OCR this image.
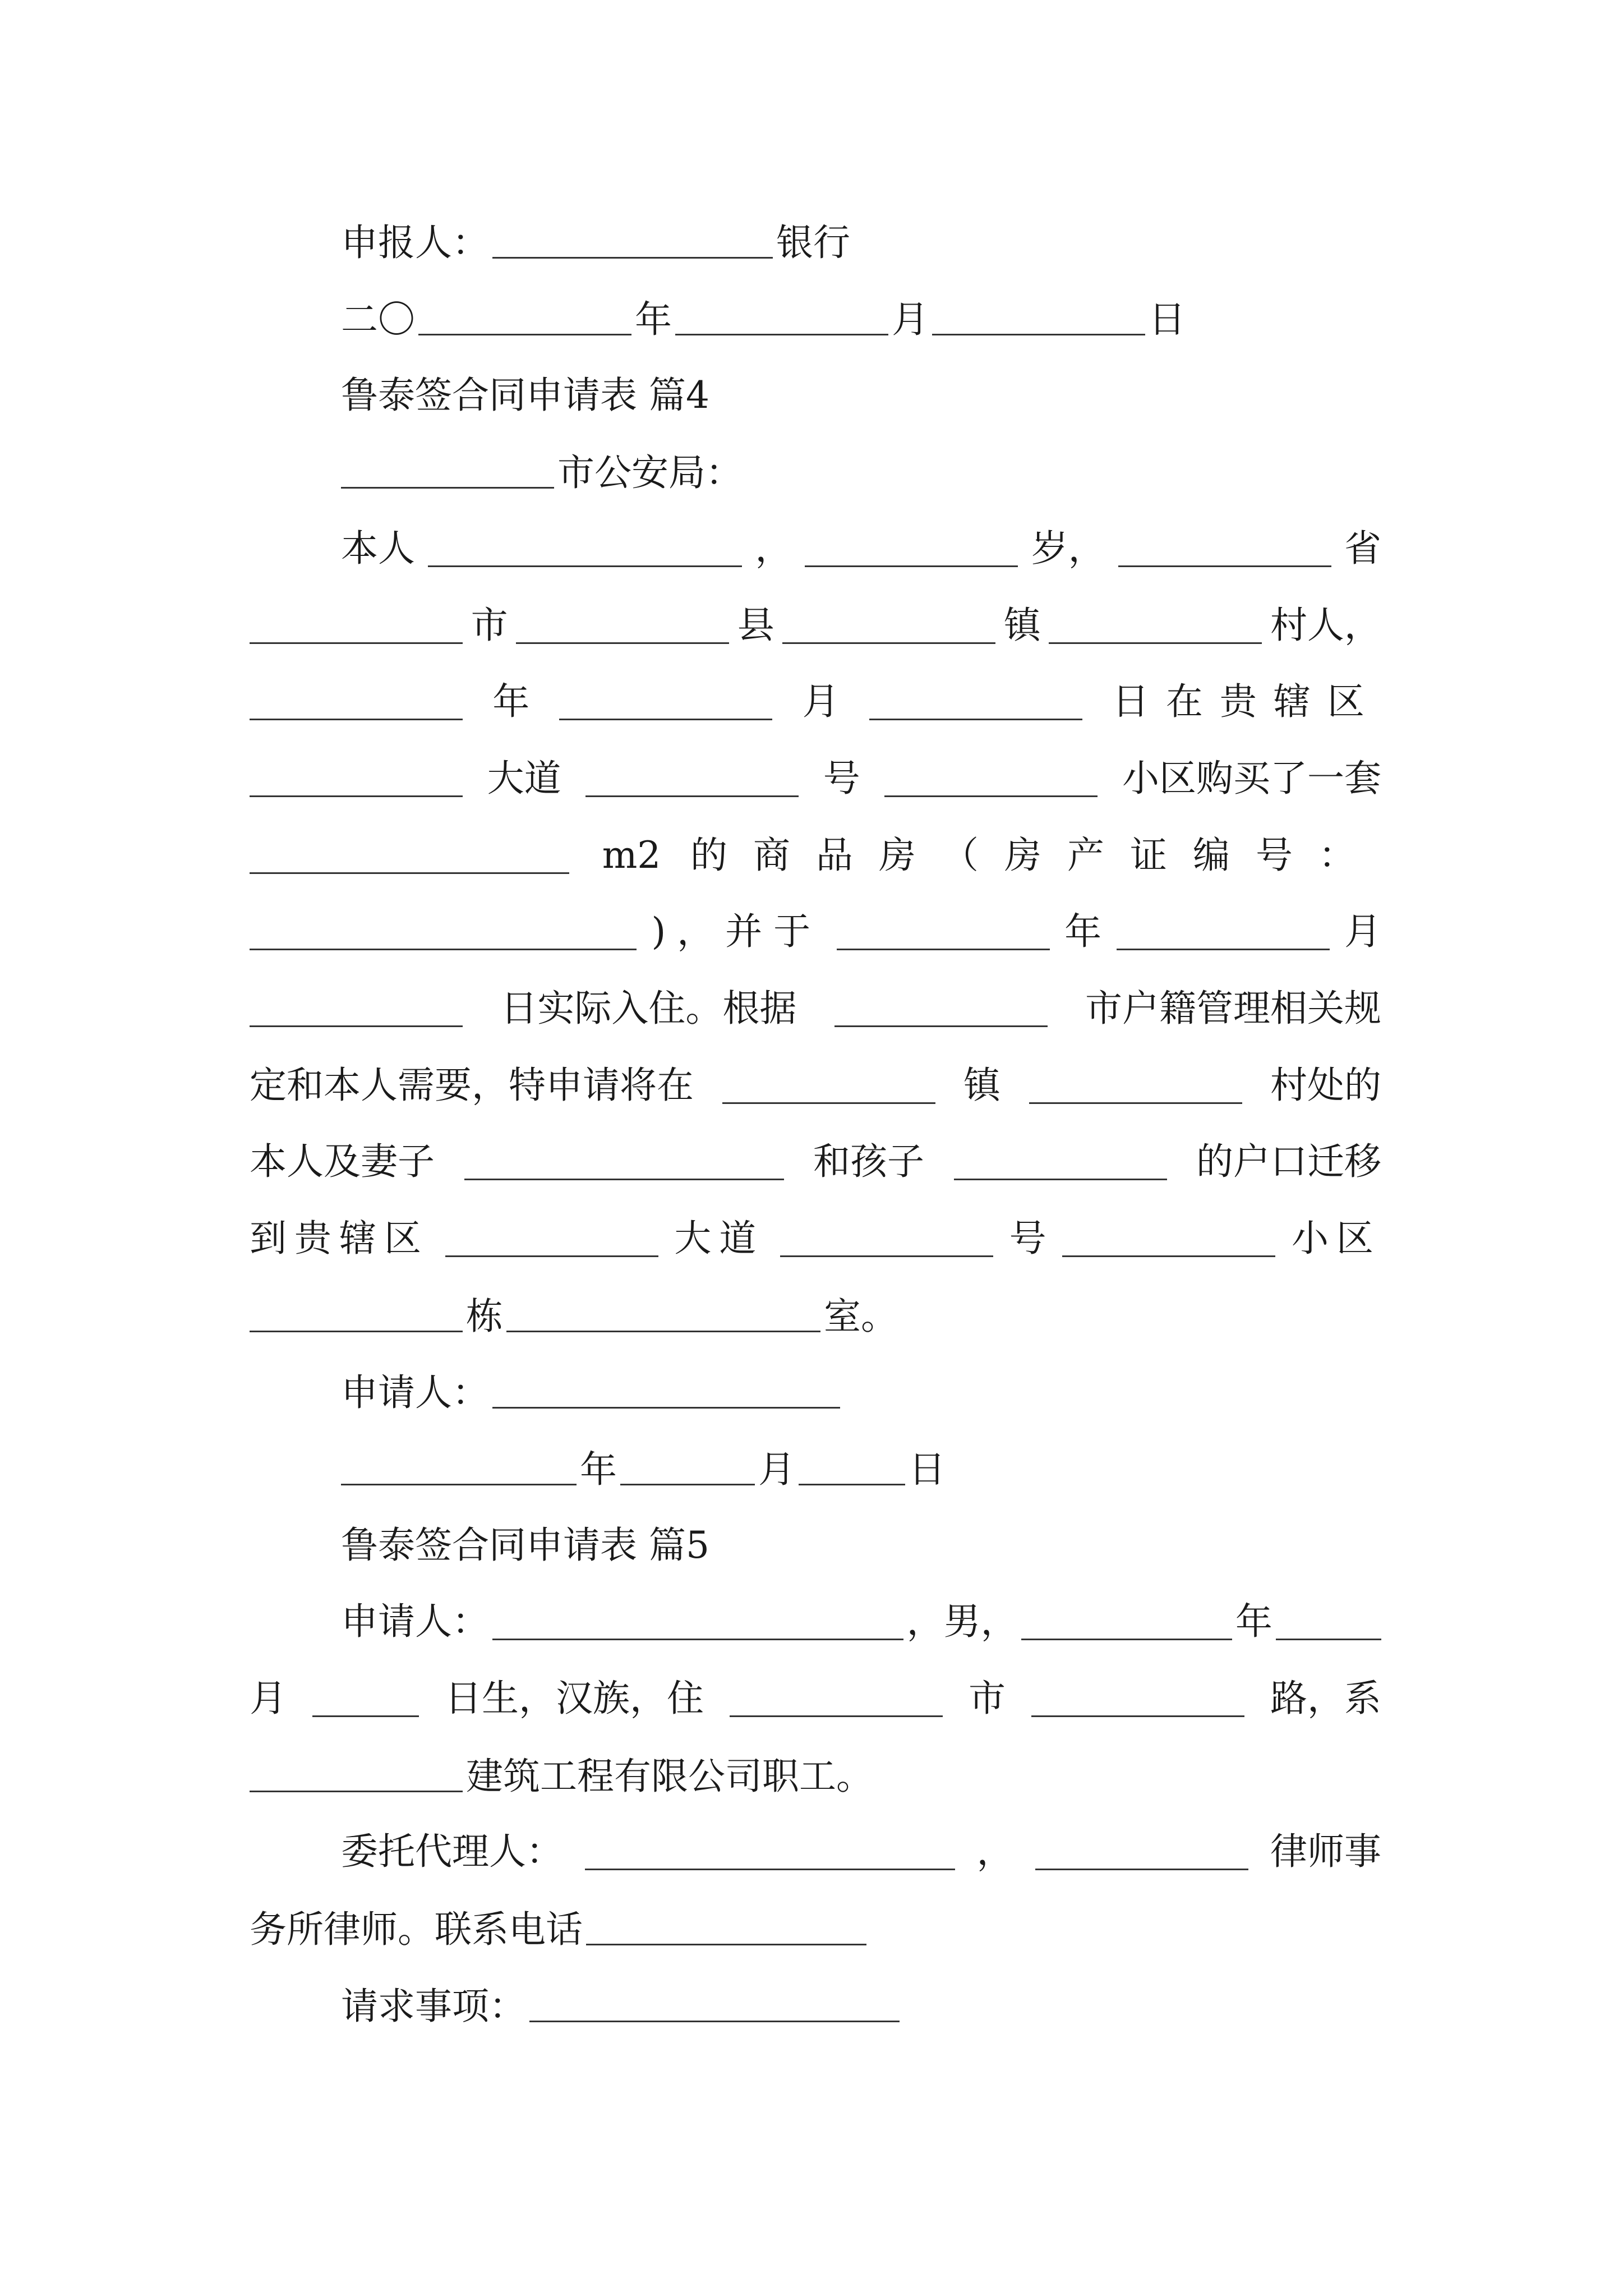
申报人：	银行
二〇	年	月	日
鲁泰签合同申请表 篇4
市公安局：
本人	，	岁，	省
市	县	镇	村人，
年	月	日在贵辖区
大道	号	小区购买了一套
m2 的商品房（房产证编号：
)，并于	年	月
日实际入住。根据	市户籍管理相关规
定和本人需要，特申请将在	镇	村处的
本人及妻子	和孩子	的户口迁移
到贵辖区	大道	号	小区
栋	室。
申请人：
年	月	日
鲁泰签合同申请表 篇5
申请人：	，男，	年
月	日生，汉族，住	市	路，系
建筑工程有限公司职工。
委托代理人：	，	律师事
务所律师。联系电话
请求事项：
